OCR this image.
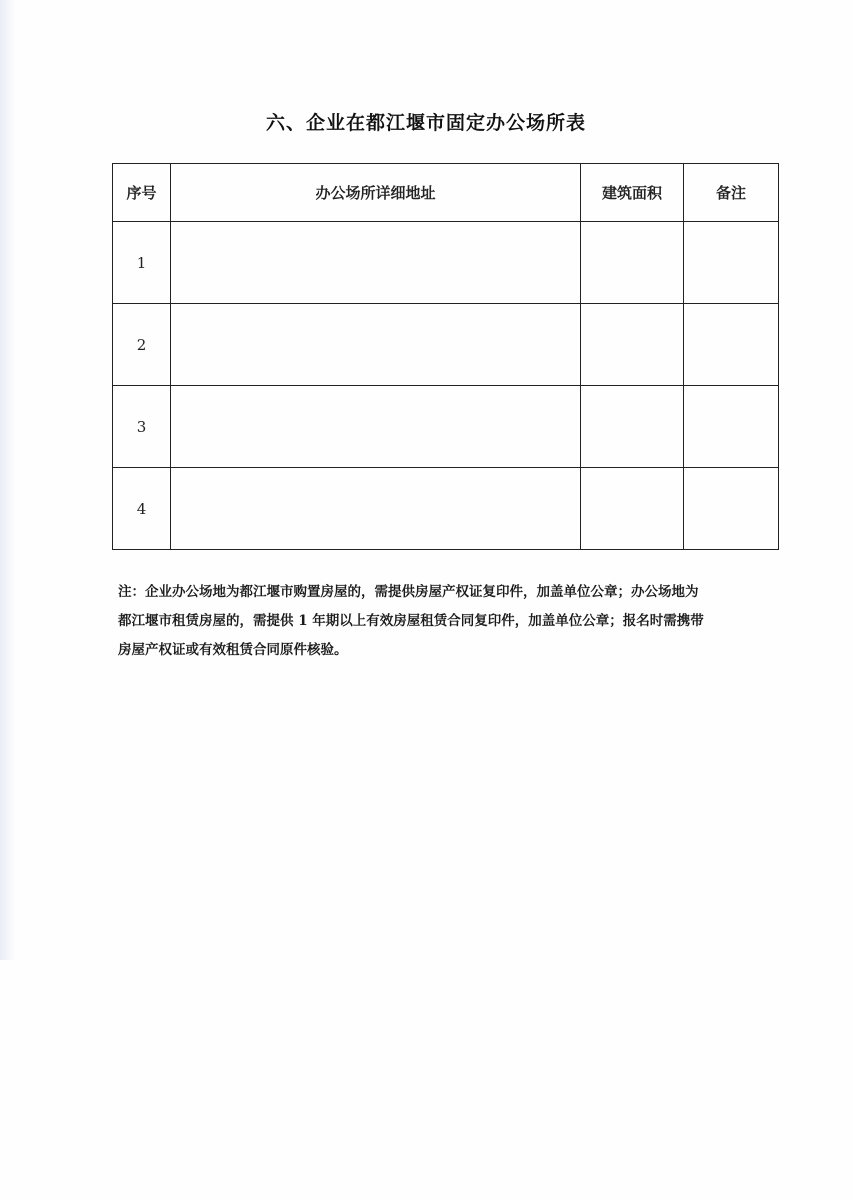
六、企业在都江堰市固定办公场所表
序号	办公场所详细地址	建筑面积	备注
1			
2			
3			
4			
注：企业办公场地为都江堰市购置房屋的，需提供房屋产权证复印件，加盖单位公章；办公场地为
都江堰市租赁房屋的，需提供 1 年期以上有效房屋租赁合同复印件，加盖单位公章；报名时需携带
房屋产权证或有效租赁合同原件核验。
